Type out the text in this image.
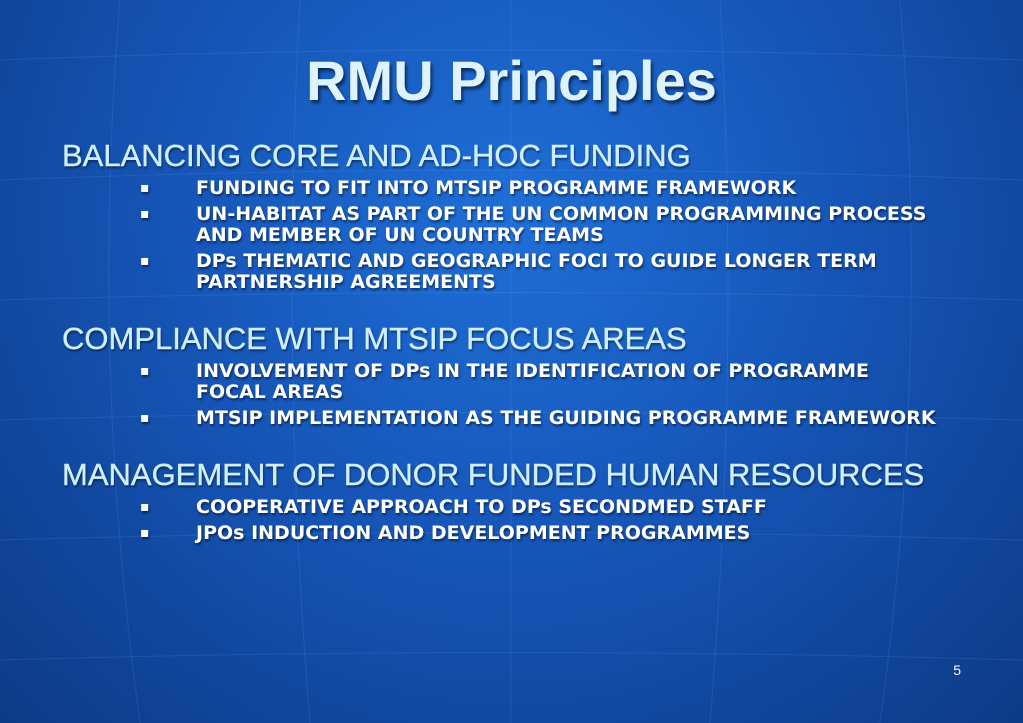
RMU Principles
BALANCING CORE AND AD-HOC FUNDING
▪ FUNDING TO FIT INTO MTSIP PROGRAMME FRAMEWORK
▪ UN-HABITAT AS PART OF THE UN COMMON PROGRAMMING PROCESS AND MEMBER OF UN COUNTRY TEAMS
▪ DPs THEMATIC AND GEOGRAPHIC FOCI TO GUIDE LONGER TERM PARTNERSHIP AGREEMENTS
COMPLIANCE WITH MTSIP FOCUS AREAS
▪ INVOLVEMENT OF DPs IN THE IDENTIFICATION OF PROGRAMME FOCAL AREAS
▪ MTSIP IMPLEMENTATION AS THE GUIDING PROGRAMME FRAMEWORK
MANAGEMENT OF DONOR FUNDED HUMAN RESOURCES
▪ COOPERATIVE APPROACH TO DPs SECONDMED STAFF
▪ JPOs INDUCTION AND DEVELOPMENT PROGRAMMES
5
